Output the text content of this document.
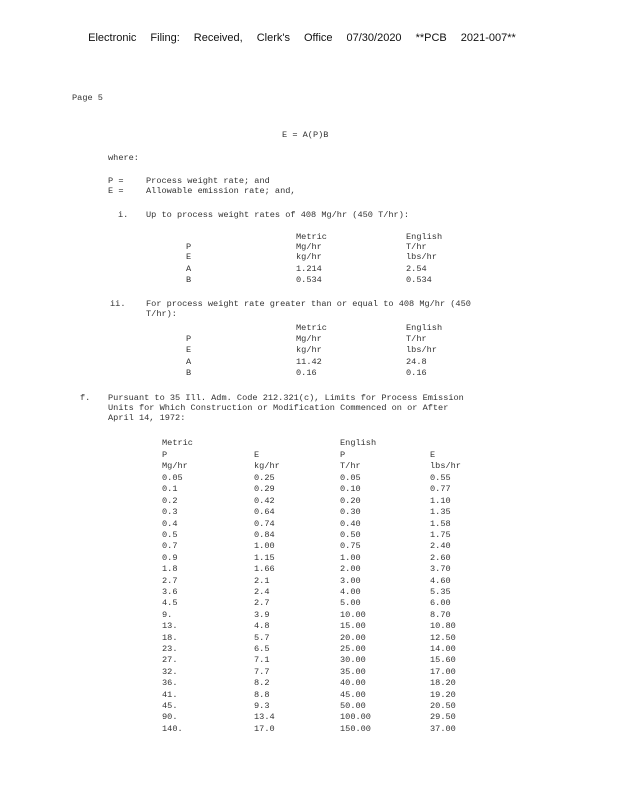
Electronic Filing: Received, Clerk's Office 07/30/2020 **PCB 2021-007**

Page 5
E = A(P)B
where:
P =	Process weight rate; and
E =	Allowable emission rate; and,
i. Up to process weight rates of 408 Mg/hr (450 T/hr):
Metric	English
P	Mg/hr	T/hr
E	kg/hr	lbs/hr
A	1.214	2.54
B	0.534	0.534
ii. For process weight rate greater than or equal to 408 Mg/hr (450
T/hr):
Metric	English
P	Mg/hr	T/hr
E	kg/hr	lbs/hr
A	11.42	24.8
B	0.16	0.16
f. Pursuant to 35 Ill. Adm. Code 212.321(c), Limits for Process Emission
Units for Which Construction or Modification Commenced on or After
April 14, 1972:
Metric	English
P	E	P	E
Mg/hr	kg/hr	T/hr	lbs/hr
0.05	0.25	0.05	0.55
0.1	0.29	0.10	0.77
0.2	0.42	0.20	1.10
0.3	0.64	0.30	1.35
0.4	0.74	0.40	1.58
0.5	0.84	0.50	1.75
0.7	1.00	0.75	2.40
0.9	1.15	1.00	2.60
1.8	1.66	2.00	3.70
2.7	2.1	3.00	4.60
3.6	2.4	4.00	5.35
4.5	2.7	5.00	6.00
9.	3.9	10.00	8.70
13.	4.8	15.00	10.80
18.	5.7	20.00	12.50
23.	6.5	25.00	14.00
27.	7.1	30.00	15.60
32.	7.7	35.00	17.00
36.	8.2	40.00	18.20
41.	8.8	45.00	19.20
45.	9.3	50.00	20.50
90.	13.4	100.00	29.50
140.	17.0	150.00	37.00
